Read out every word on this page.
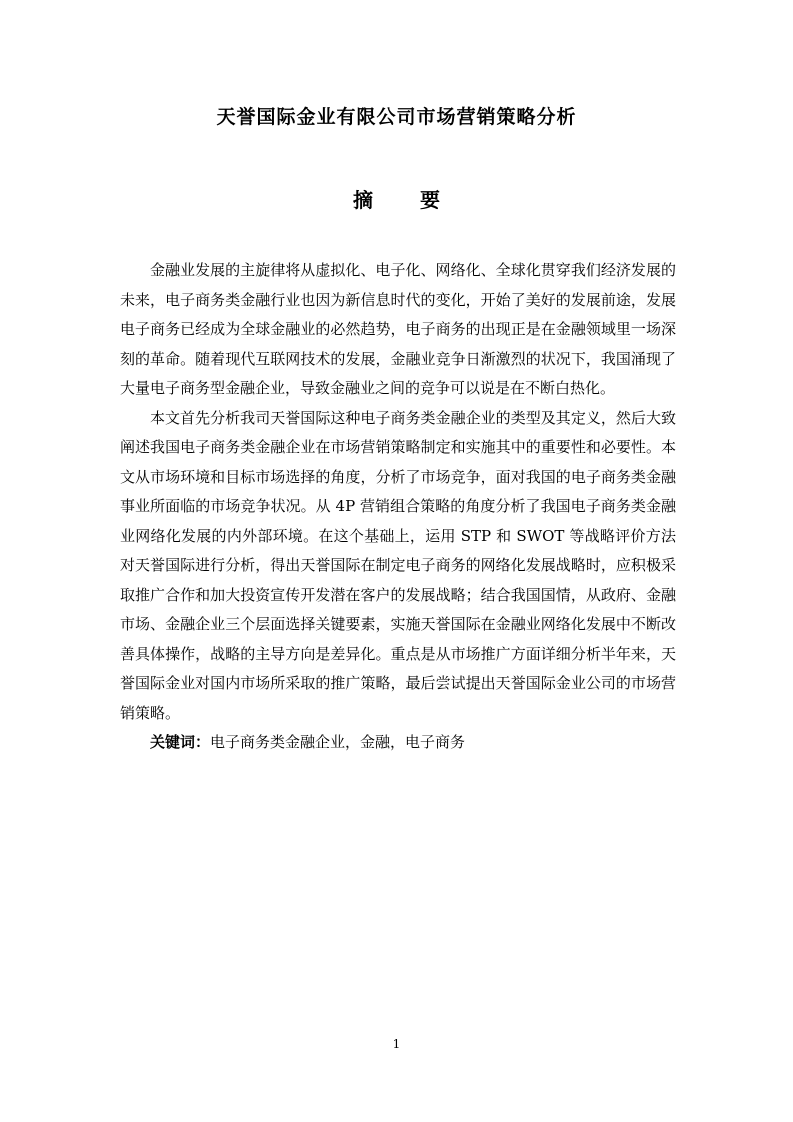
天誉国际金业有限公司市场营销策略分析
摘 要

金融业发展的主旋律将从虚拟化、电子化、网络化、全球化贯穿我们经济发展的未来，电子商务类金融行业也因为新信息时代的变化，开始了美好的发展前途，发展电子商务已经成为全球金融业的必然趋势，电子商务的出现正是在金融领域里一场深刻的革命。随着现代互联网技术的发展，金融业竞争日渐激烈的状况下，我国涌现了大量电子商务型金融企业，导致金融业之间的竞争可以说是在不断白热化。

本文首先分析我司天誉国际这种电子商务类金融企业的类型及其定义，然后大致阐述我国电子商务类金融企业在市场营销策略制定和实施其中的重要性和必要性。本文从市场环境和目标市场选择的角度，分析了市场竞争，面对我国的电子商务类金融事业所面临的市场竞争状况。从 4P 营销组合策略的角度分析了我国电子商务类金融业网络化发展的内外部环境。在这个基础上，运用 STP 和 SWOT 等战略评价方法对天誉国际进行分析，得出天誉国际在制定电子商务的网络化发展战略时，应积极采取推广合作和加大投资宣传开发潜在客户的发展战略；结合我国国情，从政府、金融市场、金融企业三个层面选择关键要素，实施天誉国际在金融业网络化发展中不断改善具体操作，战略的主导方向是差异化。重点是从市场推广方面详细分析半年来，天誉国际金业对国内市场所采取的推广策略，最后尝试提出天誉国际金业公司的市场营销策略。

关键词：电子商务类金融企业，金融，电子商务

1
